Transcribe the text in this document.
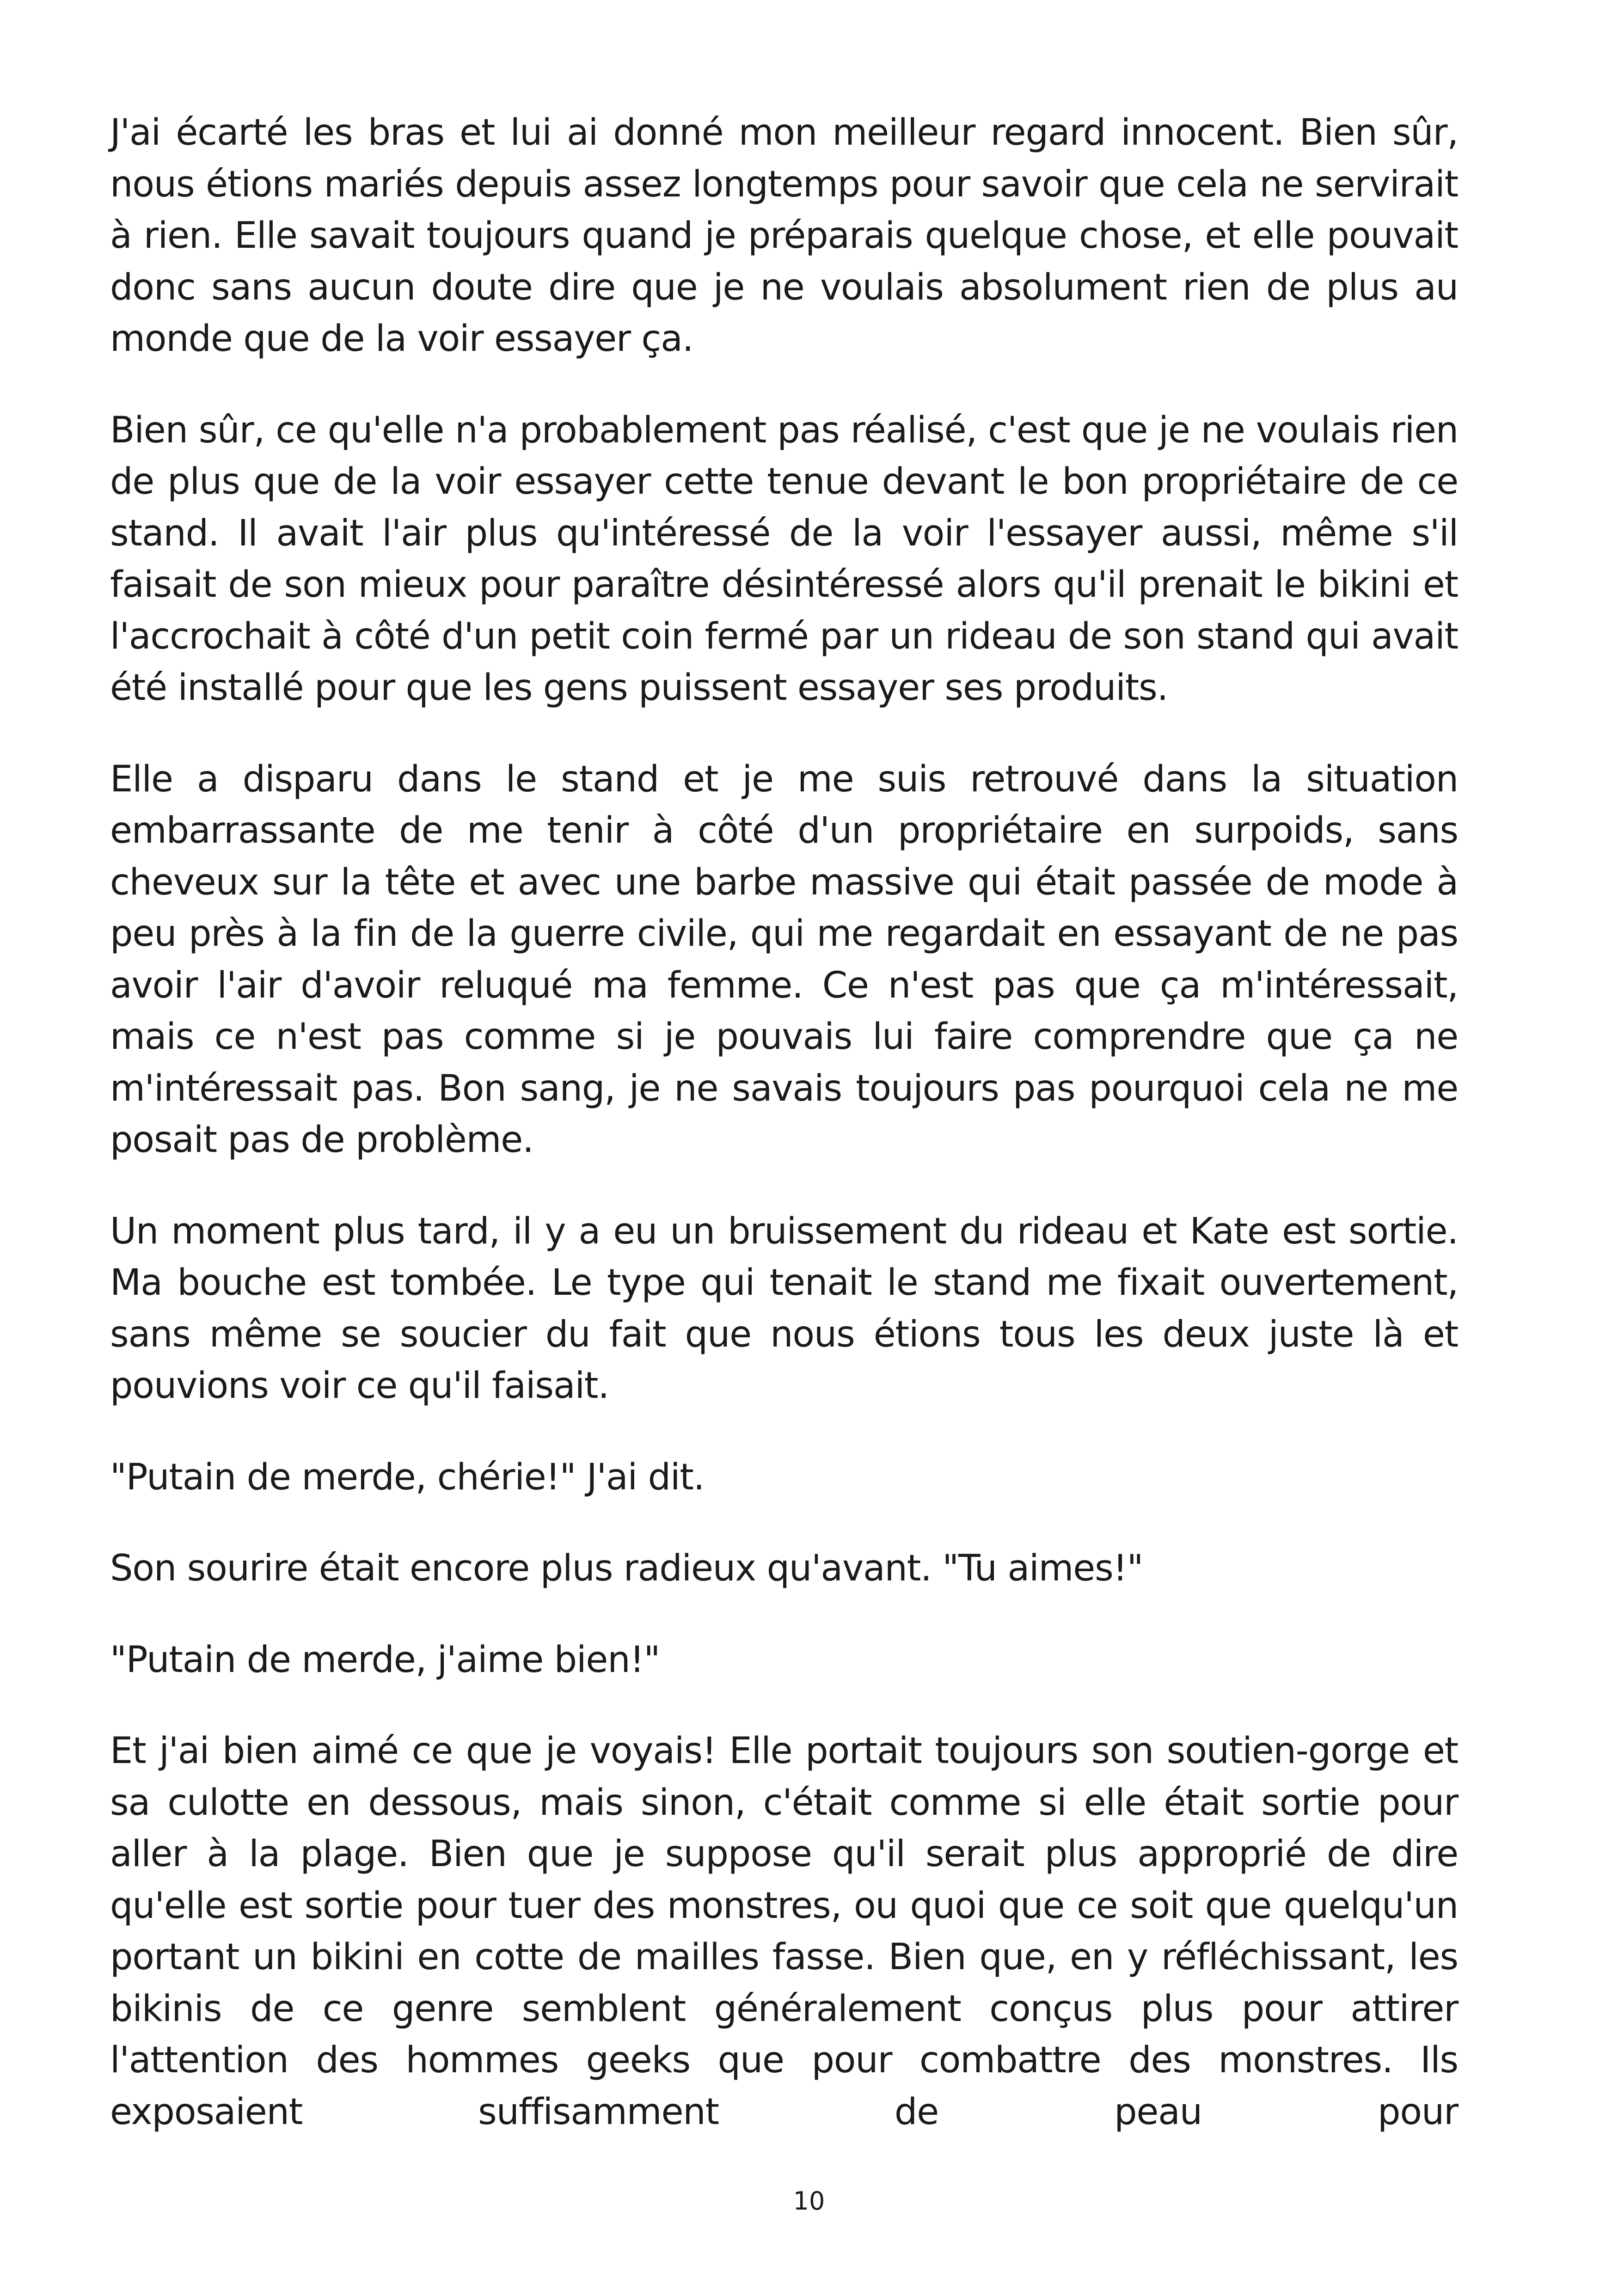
J'ai écarté les bras et lui ai donné mon meilleur regard innocent. Bien sûr, nous étions mariés depuis assez longtemps pour savoir que cela ne servirait à rien. Elle savait toujours quand je préparais quelque chose, et elle pouvait donc sans aucun doute dire que je ne voulais absolument rien de plus au monde que de la voir essayer ça.

Bien sûr, ce qu'elle n'a probablement pas réalisé, c'est que je ne voulais rien de plus que de la voir essayer cette tenue devant le bon propriétaire de ce stand. Il avait l'air plus qu'intéressé de la voir l'essayer aussi, même s'il faisait de son mieux pour paraître désintéressé alors qu'il prenait le bikini et l'accrochait à côté d'un petit coin fermé par un rideau de son stand qui avait été installé pour que les gens puissent essayer ses produits.

Elle a disparu dans le stand et je me suis retrouvé dans la situation embarrassante de me tenir à côté d'un propriétaire en surpoids, sans cheveux sur la tête et avec une barbe massive qui était passée de mode à peu près à la fin de la guerre civile, qui me regardait en essayant de ne pas avoir l'air d'avoir reluqué ma femme. Ce n'est pas que ça m'intéressait, mais ce n'est pas comme si je pouvais lui faire comprendre que ça ne m'intéressait pas. Bon sang, je ne savais toujours pas pourquoi cela ne me posait pas de problème.

Un moment plus tard, il y a eu un bruissement du rideau et Kate est sortie. Ma bouche est tombée. Le type qui tenait le stand me fixait ouvertement, sans même se soucier du fait que nous étions tous les deux juste là et pouvions voir ce qu'il faisait.

"Putain de merde, chérie!" J'ai dit.

Son sourire était encore plus radieux qu'avant. "Tu aimes!"

"Putain de merde, j'aime bien!"

Et j'ai bien aimé ce que je voyais! Elle portait toujours son soutien-gorge et sa culotte en dessous, mais sinon, c'était comme si elle était sortie pour aller à la plage. Bien que je suppose qu'il serait plus approprié de dire qu'elle est sortie pour tuer des monstres, ou quoi que ce soit que quelqu'un portant un bikini en cotte de mailles fasse. Bien que, en y réfléchissant, les bikinis de ce genre semblent généralement conçus plus pour attirer l'attention des hommes geeks que pour combattre des monstres. Ils exposaient suffisamment de peau pour

10
